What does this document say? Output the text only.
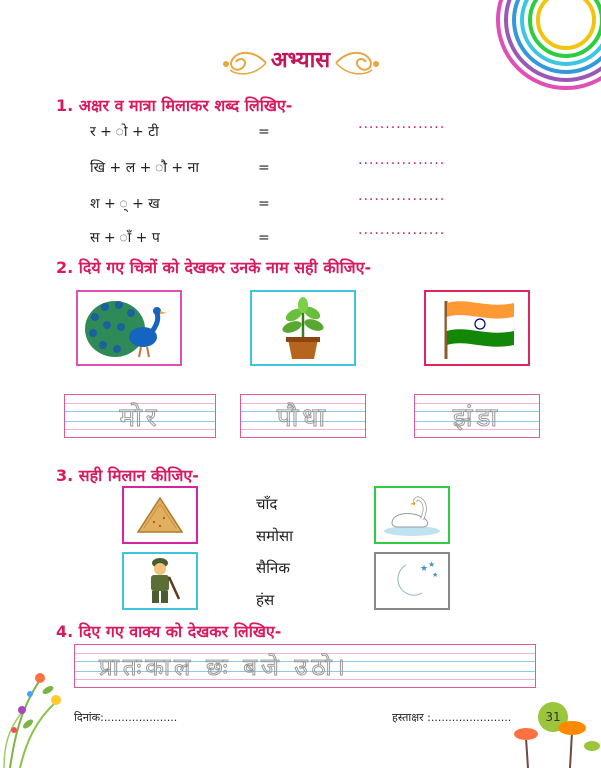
अभ्यास
1. अक्षर व मात्रा मिलाकर शब्द लिखिए-
र + ो + टी	=	................
खि + ल + ौ + ना	=	................
श + ्‌ + ख	=	................
स + ाँ + प	=	................
2. दिये गए चित्रों को देखकर उनके नाम सही कीजिए-
मोर	पौधा	झंडा
3. सही मिलान कीजिए-
★ ★
★
चाँद
समोसा
सैनिक
हंस
4. दिए गए वाक्य को देखकर लिखिए-
प्रातःकाल छः बजे उठो।
दिनांक:.....................	हस्ताक्षर :.......................	31
